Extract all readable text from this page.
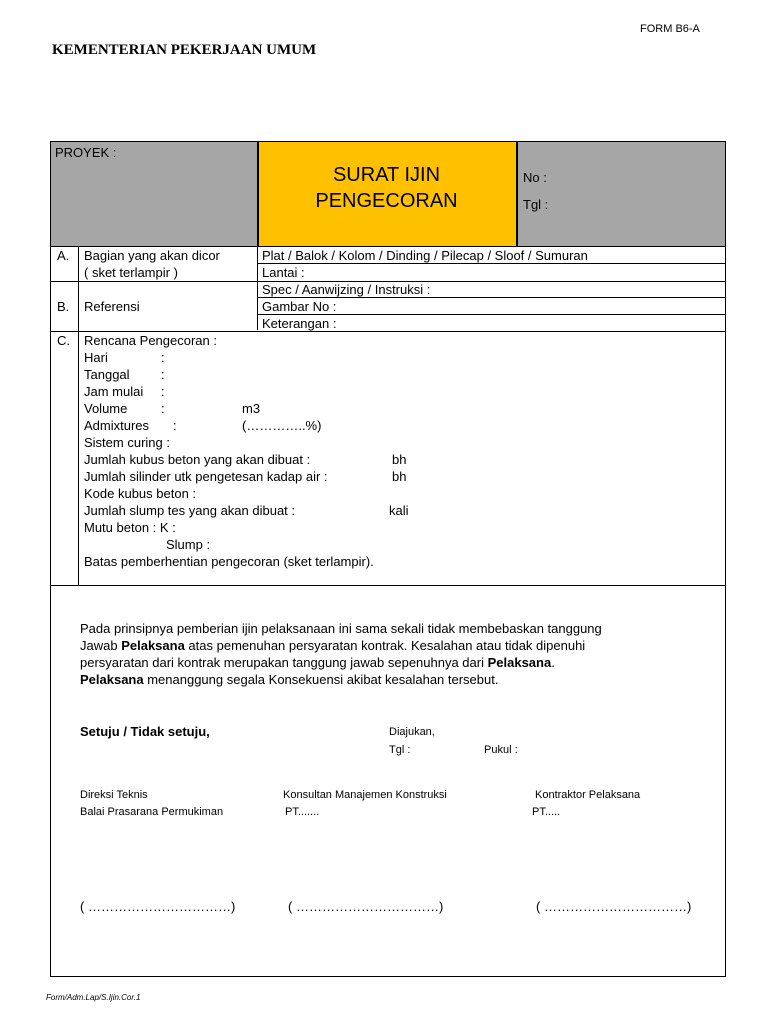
FORM B6-A
KEMENTERIAN PEKERJAAN UMUM
PROYEK :
SURAT IJIN
PENGECORAN
No :
Tgl :
A. Bagian yang akan dicor
( sket terlampir )
Plat / Balok / Kolom / Dinding / Pilecap / Sloof / Sumuran
Lantai :
B. Referensi
Spec / Aanwijzing / Instruksi :
Gambar No :
Keterangan :
C. Rencana Pengecoran :
Hari	:
Tanggal :
Jam mulai :
Volume	:	m3
Admixtures :	(…………..%)
Sistem curing :
Jumlah kubus beton yang akan dibuat :	bh
Jumlah silinder utk pengetesan kadap air :	bh
Kode kubus beton :
Jumlah slump tes yang akan dibuat :	kali
Mutu beton : K :
Slump :
Batas pemberhentian pengecoran (sket terlampir).
Pada prinsipnya pemberian ijin pelaksanaan ini sama sekali tidak membebaskan tanggung
Jawab Pelaksana atas pemenuhan persyaratan kontrak. Kesalahan atau tidak dipenuhi
persyaratan dari kontrak merupakan tanggung jawab sepenuhnya dari Pelaksana.
Pelaksana menanggung segala Konsekuensi akibat kesalahan tersebut.
Setuju / Tidak setuju,	Diajukan,
Tgl :	Pukul :
Direksi Teknis
Balai Prasarana Permukiman
Konsultan Manajemen Konstruksi
PT.......
Kontraktor Pelaksana
PT.....
( ……………………………)	( ……………………………)	( ……………………………)
Form/Adm.Lap/S.Ijin.Cor.1
